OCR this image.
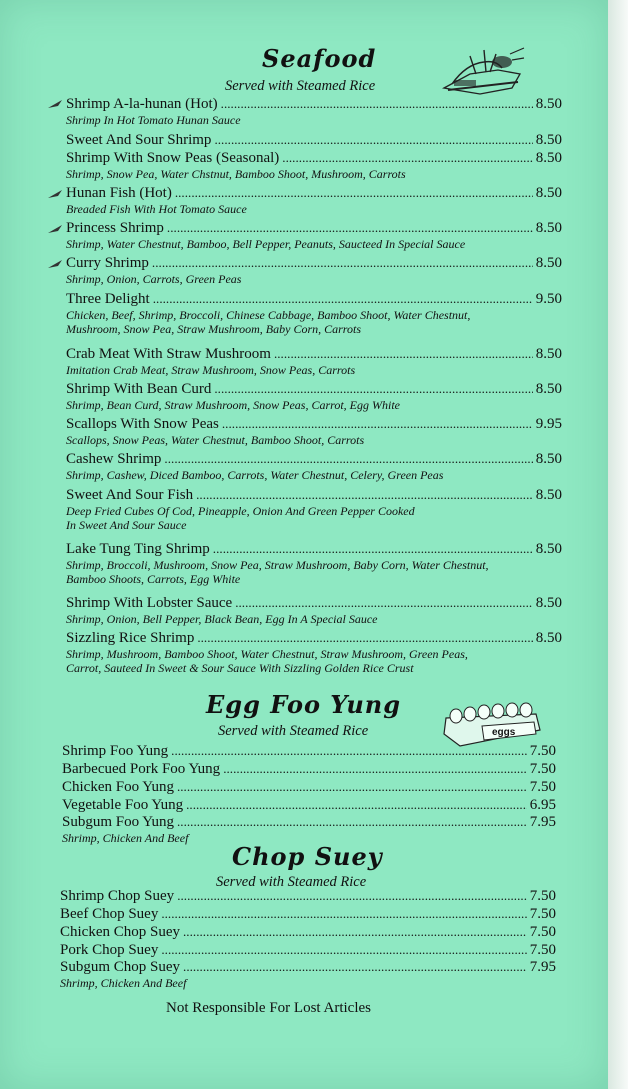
Seafood
Served with Steamed Rice
Shrimp A-la-hunan (Hot) . . .	8.50
Shrimp In Hot Tomato Hunan Sauce
Sweet And Sour Shrimp . . .	8.50
Shrimp With Snow Peas (Seasonal) . . .	8.50
Shrimp, Snow Pea, Water Chstnut, Bamboo Shoot, Mushroom, Carrots
Hunan Fish (Hot) . . .	8.50
Breaded Fish With Hot Tomato Sauce
Princess Shrimp . . .	8.50
Shrimp, Water Chestnut, Bamboo, Bell Pepper, Peanuts, Saucteed In Special Sauce
Curry Shrimp . . .	8.50
Shrimp, Onion, Carrots, Green Peas
Three Delight . . .	9.50
Chicken, Beef, Shrimp, Broccoli, Chinese Cabbage, Bamboo Shoot, Water Chestnut,
Mushroom, Snow Pea, Straw Mushroom, Baby Corn, Carrots
Crab Meat With Straw Mushroom . . .	8.50
Imitation Crab Meat, Straw Mushroom, Snow Peas, Carrots
Shrimp With Bean Curd . . .	8.50
Shrimp, Bean Curd, Straw Mushroom, Snow Peas, Carrot, Egg White
Scallops With Snow Peas . . .	9.95
Scallops, Snow Peas, Water Chestnut, Bamboo Shoot, Carrots
Cashew Shrimp . . .	8.50
Shrimp, Cashew, Diced Bamboo, Carrots, Water Chestnut, Celery, Green Peas
Sweet And Sour Fish . . .	8.50
Deep Fried Cubes Of Cod, Pineapple, Onion And Green Pepper Cooked
In Sweet And Sour Sauce
Lake Tung Ting Shrimp . . .	8.50
Shrimp, Broccoli, Mushroom, Snow Pea, Straw Mushroom, Baby Corn, Water Chestnut,
Bamboo Shoots, Carrots, Egg White
Shrimp With Lobster Sauce . . .	8.50
Shrimp, Onion, Bell Pepper, Black Bean, Egg In A Special Sauce
Sizzling Rice Shrimp . . .	8.50
Shrimp, Mushroom, Bamboo Shoot, Water Chestnut, Straw Mushroom, Green Peas,
Carrot, Sauteed In Sweet & Sour Sauce With Sizzling Golden Rice Crust
Egg Foo Yung
Served with Steamed Rice	eggs
Shrimp Foo Yung . . .	7.50
Barbecued Pork Foo Yung . . .	7.50
Chicken Foo Yung . . .	7.50
Vegetable Foo Yung . . .	6.95
Subgum Foo Yung . . .	7.95
Shrimp, Chicken And Beef
Chop Suey
Served with Steamed Rice
Shrimp Chop Suey . . .	7.50
Beef Chop Suey . . .	7.50
Chicken Chop Suey . . .	7.50
Pork Chop Suey . . .	7.50
Subgum Chop Suey . . .	7.95
Shrimp, Chicken And Beef
Not Responsible For Lost Articles
